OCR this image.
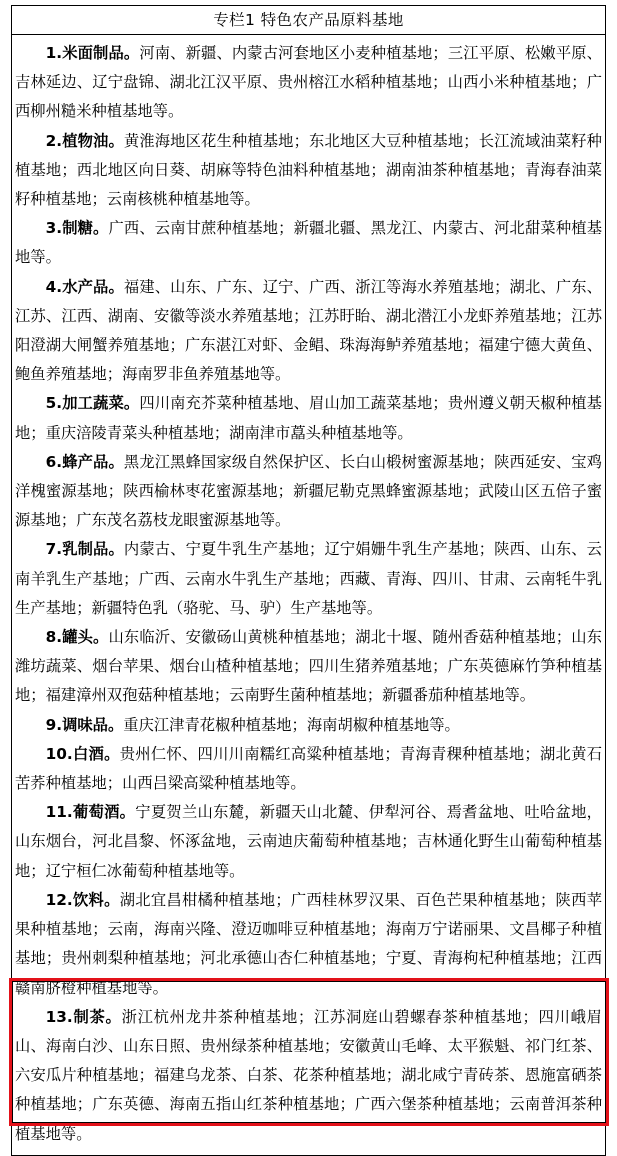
专栏1 特色农产品原料基地

1.米面制品。河南、新疆、内蒙古河套地区小麦种植基地；三江平原、松嫩平原、吉林延边、辽宁盘锦、湖北江汉平原、贵州榕江水稻种植基地；山西小米种植基地；广西柳州糙米种植基地等。

2.植物油。黄淮海地区花生种植基地；东北地区大豆种植基地；长江流域油菜籽种植基地；西北地区向日葵、胡麻等特色油料种植基地；湖南油茶种植基地；青海春油菜籽种植基地；云南核桃种植基地等。

3.制糖。广西、云南甘蔗种植基地；新疆北疆、黑龙江、内蒙古、河北甜菜种植基地等。

4.水产品。福建、山东、广东、辽宁、广西、浙江等海水养殖基地；湖北、广东、江苏、江西、湖南、安徽等淡水养殖基地；江苏盱眙、湖北潜江小龙虾养殖基地；江苏阳澄湖大闸蟹养殖基地；广东湛江对虾、金鲳、珠海海鲈养殖基地；福建宁德大黄鱼、鲍鱼养殖基地；海南罗非鱼养殖基地等。

5.加工蔬菜。四川南充芥菜种植基地、眉山加工蔬菜基地；贵州遵义朝天椒种植基地；重庆涪陵青菜头种植基地；湖南津市藠头种植基地等。

6.蜂产品。黑龙江黑蜂国家级自然保护区、长白山椴树蜜源基地；陕西延安、宝鸡洋槐蜜源基地；陕西榆林枣花蜜源基地；新疆尼勒克黑蜂蜜源基地；武陵山区五倍子蜜源基地；广东茂名荔枝龙眼蜜源基地等。

7.乳制品。内蒙古、宁夏牛乳生产基地；辽宁娟姗牛乳生产基地；陕西、山东、云南羊乳生产基地；广西、云南水牛乳生产基地；西藏、青海、四川、甘肃、云南牦牛乳生产基地；新疆特色乳（骆驼、马、驴）生产基地等。

8.罐头。山东临沂、安徽砀山黄桃种植基地；湖北十堰、随州香菇种植基地；山东潍坊蔬菜、烟台苹果、烟台山楂种植基地；四川生猪养殖基地；广东英德麻竹笋种植基地；福建漳州双孢菇种植基地；云南野生菌种植基地；新疆番茄种植基地等。

9.调味品。重庆江津青花椒种植基地；海南胡椒种植基地等。

10.白酒。贵州仁怀、四川川南糯红高粱种植基地；青海青稞种植基地；湖北黄石苦荞种植基地；山西吕梁高粱种植基地等。

11.葡萄酒。宁夏贺兰山东麓，新疆天山北麓、伊犁河谷、焉耆盆地、吐哈盆地，山东烟台，河北昌黎、怀涿盆地，云南迪庆葡萄种植基地；吉林通化野生山葡萄种植基地；辽宁桓仁冰葡萄种植基地等。

12.饮料。湖北宜昌柑橘种植基地；广西桂林罗汉果、百色芒果种植基地；陕西苹果种植基地；云南，海南兴隆、澄迈咖啡豆种植基地；海南万宁诺丽果、文昌椰子种植基地；贵州刺梨种植基地；河北承德山杏仁种植基地；宁夏、青海枸杞种植基地；江西赣南脐橙种植基地等。

13.制茶。浙江杭州龙井茶种植基地；江苏洞庭山碧螺春茶种植基地；四川峨眉山、海南白沙、山东日照、贵州绿茶种植基地；安徽黄山毛峰、太平猴魁、祁门红茶、六安瓜片种植基地；福建乌龙茶、白茶、花茶种植基地；湖北咸宁青砖茶、恩施富硒茶种植基地；广东英德、海南五指山红茶种植基地；广西六堡茶种植基地；云南普洱茶种植基地等。
